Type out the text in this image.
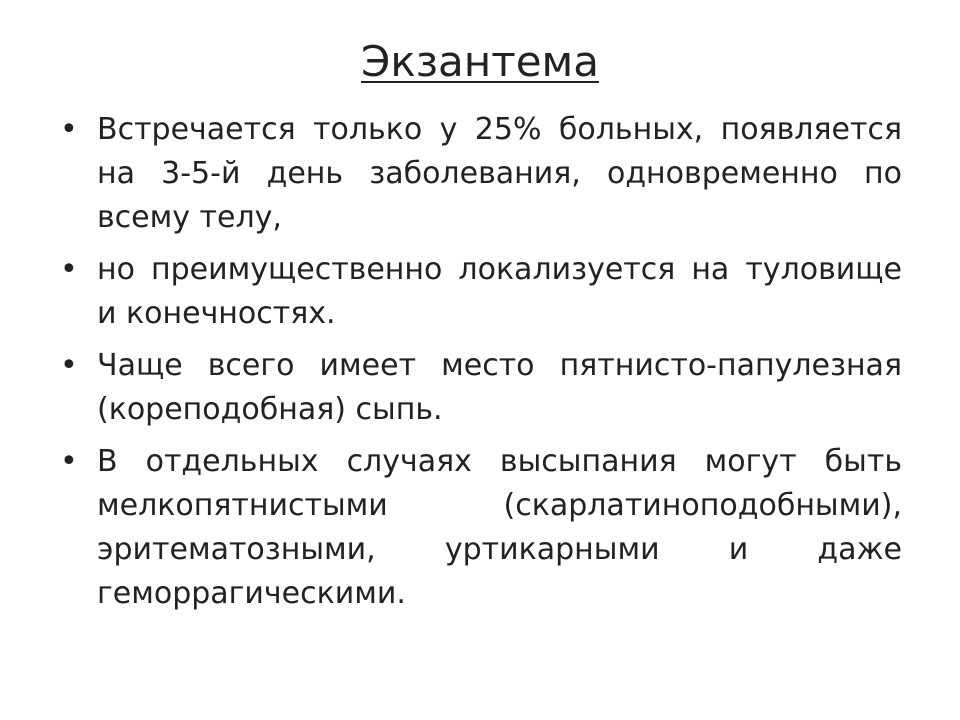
Экзантема
• Встречается только у 25% больных, появляется на 3-5-й день заболевания, одновременно по всему телу,
• но преимущественно локализуется на туловище и конечностях.
• Чаще всего имеет место пятнисто-папулезная (кореподобная) сыпь.
• В отдельных случаях высыпания могут быть мелкопятнистыми (скарлатиноподобными), эритематозными, уртикарными и даже геморрагическими.
